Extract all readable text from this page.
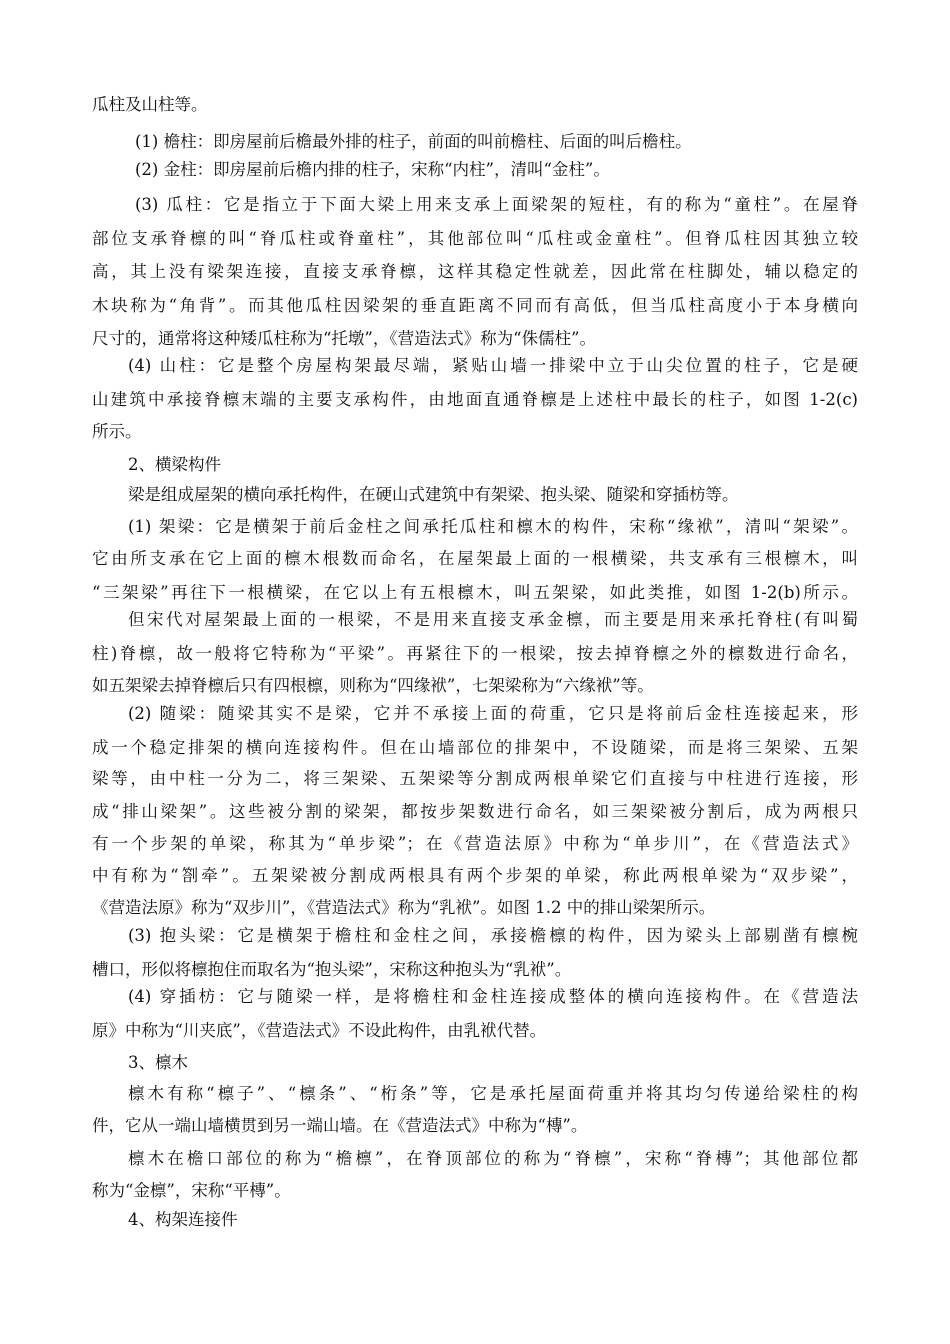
瓜柱及山柱等。
(1) 檐柱：即房屋前后檐最外排的柱子，前面的叫前檐柱、后面的叫后檐柱。
(2) 金柱：即房屋前后檐内排的柱子，宋称“内柱”，清叫“金柱”。
(3) 瓜柱：它是指立于下面大梁上用来支承上面梁架的短柱，有的称为“童柱”。在屋脊
部位支承脊檩的叫“脊瓜柱或脊童柱”，其他部位叫“瓜柱或金童柱”。但脊瓜柱因其独立较
高，其上没有梁架连接，直接支承脊檩，这样其稳定性就差，因此常在柱脚处，辅以稳定的
木块称为“角背”。而其他瓜柱因梁架的垂直距离不同而有高低，但当瓜柱高度小于本身横向
尺寸的，通常将这种矮瓜柱称为“托墩”，《营造法式》称为“侏儒柱”。
(4) 山柱：它是整个房屋构架最尽端，紧贴山墙一排梁中立于山尖位置的柱子，它是硬
山建筑中承接脊檩末端的主要支承构件，由地面直通脊檩是上述柱中最长的柱子，如图 1-2(c)
所示。
2、横梁构件
梁是组成屋架的横向承托构件，在硬山式建筑中有架梁、抱头梁、随梁和穿插枋等。
(1) 架梁：它是横架于前后金柱之间承托瓜柱和檩木的构件，宋称“缘袱”，清叫“架梁”。
它由所支承在它上面的檩木根数而命名，在屋架最上面的一根横梁，共支承有三根檩木，叫
“三架梁”再往下一根横梁，在它以上有五根檩木，叫五架梁，如此类推，如图 1-2(b)所示。
但宋代对屋架最上面的一根梁，不是用来直接支承金檩，而主要是用来承托脊柱(有叫蜀
柱)脊檩，故一般将它特称为“平梁”。再紧往下的一根梁，按去掉脊檩之外的檩数进行命名，
如五架梁去掉脊檩后只有四根檩，则称为“四缘袱”，七架梁称为“六缘袱”等。
(2) 随梁：随梁其实不是梁，它并不承接上面的荷重，它只是将前后金柱连接起来，形
成一个稳定排架的横向连接构件。但在山墙部位的排架中，不设随梁，而是将三架梁、五架
梁等，由中柱一分为二，将三架梁、五架梁等分割成两根单梁它们直接与中柱进行连接，形
成“排山梁架”。这些被分割的梁架，都按步架数进行命名，如三架梁被分割后，成为两根只
有一个步架的单梁，称其为“单步梁”；在《营造法原》中称为“单步川”，在《营造法式》
中有称为“劄牵”。五架梁被分割成两根具有两个步架的单梁，称此两根单梁为“双步梁”，
《营造法原》称为“双步川”，《营造法式》称为“乳袱”。如图 1.2 中的排山梁架所示。
(3) 抱头梁：它是横架于檐柱和金柱之间，承接檐檩的构件，因为梁头上部剔凿有檩椀
槽口，形似将檩抱住而取名为“抱头梁”，宋称这种抱头为“乳袱”。
(4) 穿插枋：它与随梁一样，是将檐柱和金柱连接成整体的横向连接构件。在《营造法
原》中称为“川夹底”，《营造法式》不设此构件，由乳袱代替。
3、檩木
檩木有称“檩子”、“檩条”、“桁条”等，它是承托屋面荷重并将其均匀传递给梁柱的构
件，它从一端山墙横贯到另一端山墙。在《营造法式》中称为“槫”。
檩木在檐口部位的称为“檐檩”，在脊顶部位的称为“脊檩”，宋称“脊槫”；其他部位都
称为“金檩”，宋称“平槫”。
4、构架连接件
